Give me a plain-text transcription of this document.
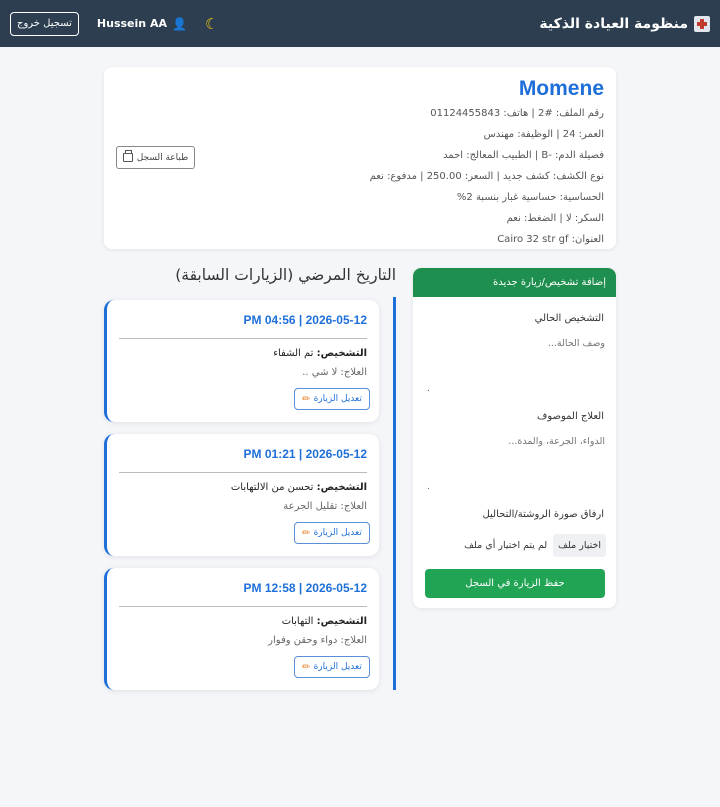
منظومة العيادة الذكية
تسجيل خروج	Hussein AA 👤 ☾
Momene
رقم الملف: #2 | هاتف: 01124455843
العمر: 24 | الوظيفة: مهندس
فصيلة الدم: -B | الطبيب المعالج: احمد
نوع الكشف: كشف جديد | السعر: 250.00 | مدفوع: نعم
الحساسية: حساسية غبار بنسبة 2%
السكر: لا | الضغط: نعم
العنوان: Cairo 32 str gf
طباعة السجل
التاريخ المرضي (الزيارات السابقة)
2026-05-12 | 04:56 PM
التشخيص: تم الشفاء
العلاج: لا شي ..
تعديل الزيارة
✏
2026-05-12 | 01:21 PM
التشخيص: تحسن من الالتهابات
العلاج: تقليل الجرعة
تعديل الزيارة
✏
2026-05-12 | 12:58 PM
التشخيص: التهابات
العلاج: دواء وحقن وفوار
تعديل الزيارة
✏
إضافة تشخيص/زيارة جديدة
التشخيص الحالي
وصف الحالة...
.
العلاج الموصوف
الدواء، الجرعة، والمدة...
.
ارفاق صورة الروشتة/التحاليل
اختيار ملف
لم يتم اختيار أي ملف
حفظ الزيارة في السجل
